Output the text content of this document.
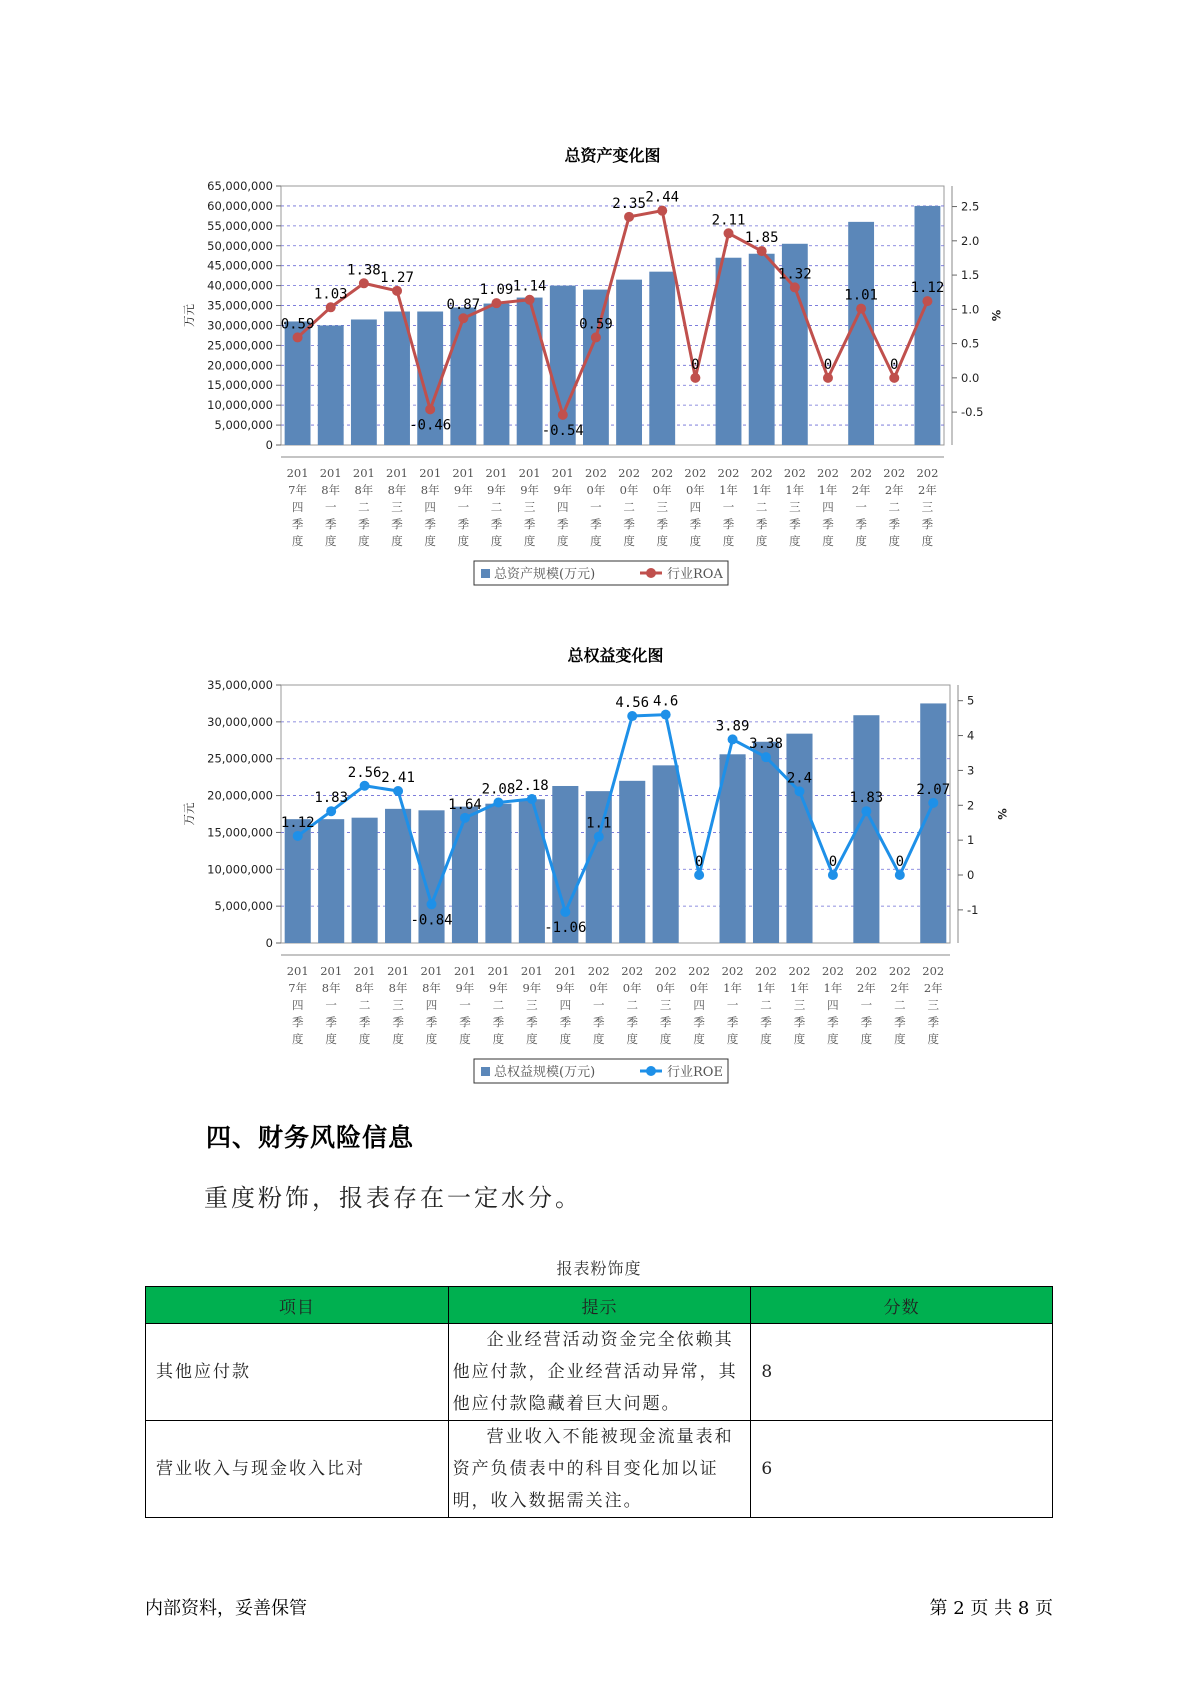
总资产变化图
65,000,000
60,000,000
55,000,000
50,000,000
45,000,000
40,000,000
35,000,000
30,000,000
25,000,000
20,000,000
15,000,000
10,000,000
5,000,000
0
2.5
2.0
1.5
1.0
0.5
0.0
-0.5
万元	%
201
7年
四
季
度
201
8年
一
季
度
201
8年
二
季
度
201
8年
三
季
度
201
8年
四
季
度
201
9年
一
季
度
201
9年
二
季
度
201
9年
三
季
度
201
9年
四
季
度
202
0年
一
季
度
202
0年
二
季
度
202
0年
三
季
度
202
0年
四
季
度
202
1年
一
季
度
202
1年
二
季
度
202
1年
三
季
度
202
1年
四
季
度
202
2年
一
季
度
202
2年
二
季
度
202
2年
三
季
度
0.59
1.03
1.38 1.27
-0.46
0.87
1.09 1.14
-0.54
0.59
2.35 2.44
0
2.11
1.85
1.32
0
1.01
0
1.12
总资产规模(万元)	行业ROA
总权益变化图
35,000,000
30,000,000
25,000,000
20,000,000
15,000,000
10,000,000
5,000,000
0
5
4
3
2
1
0
-1
万元	%
201
7年
四
季
度
201
8年
一
季
度
201
8年
二
季
度
201
8年
三
季
度
201
8年
四
季
度
201
9年
一
季
度
201
9年
二
季
度
201
9年
三
季
度
201
9年
四
季
度
202
0年
一
季
度
202
0年
二
季
度
202
0年
三
季
度
202
0年
四
季
度
202
1年
一
季
度
202
1年
二
季
度
202
1年
三
季
度
202
1年
四
季
度
202
2年
一
季
度
202
2年
二
季
度
202
2年
三
季
度
1.12
1.83
2.56 2.41
-0.84
1.64
2.08 2.18
-1.06
1.1
4.56 4.6
0
3.89
3.38
2.4
0
1.83
0
2.07
总权益规模(万元)	行业ROE
四、财务风险信息
重度粉饰，报表存在一定水分。
报表粉饰度
项目	提示	分数
其他应付款	企业经营活动资金完全依赖其他应付款，企业经营活动异常，其他应付款隐藏着巨大问题。	8
营业收入与现金收入比对	营业收入不能被现金流量表和资产负债表中的科目变化加以证明，收入数据需关注。	6
内部资料，妥善保管	第 2 页 共 8 页
